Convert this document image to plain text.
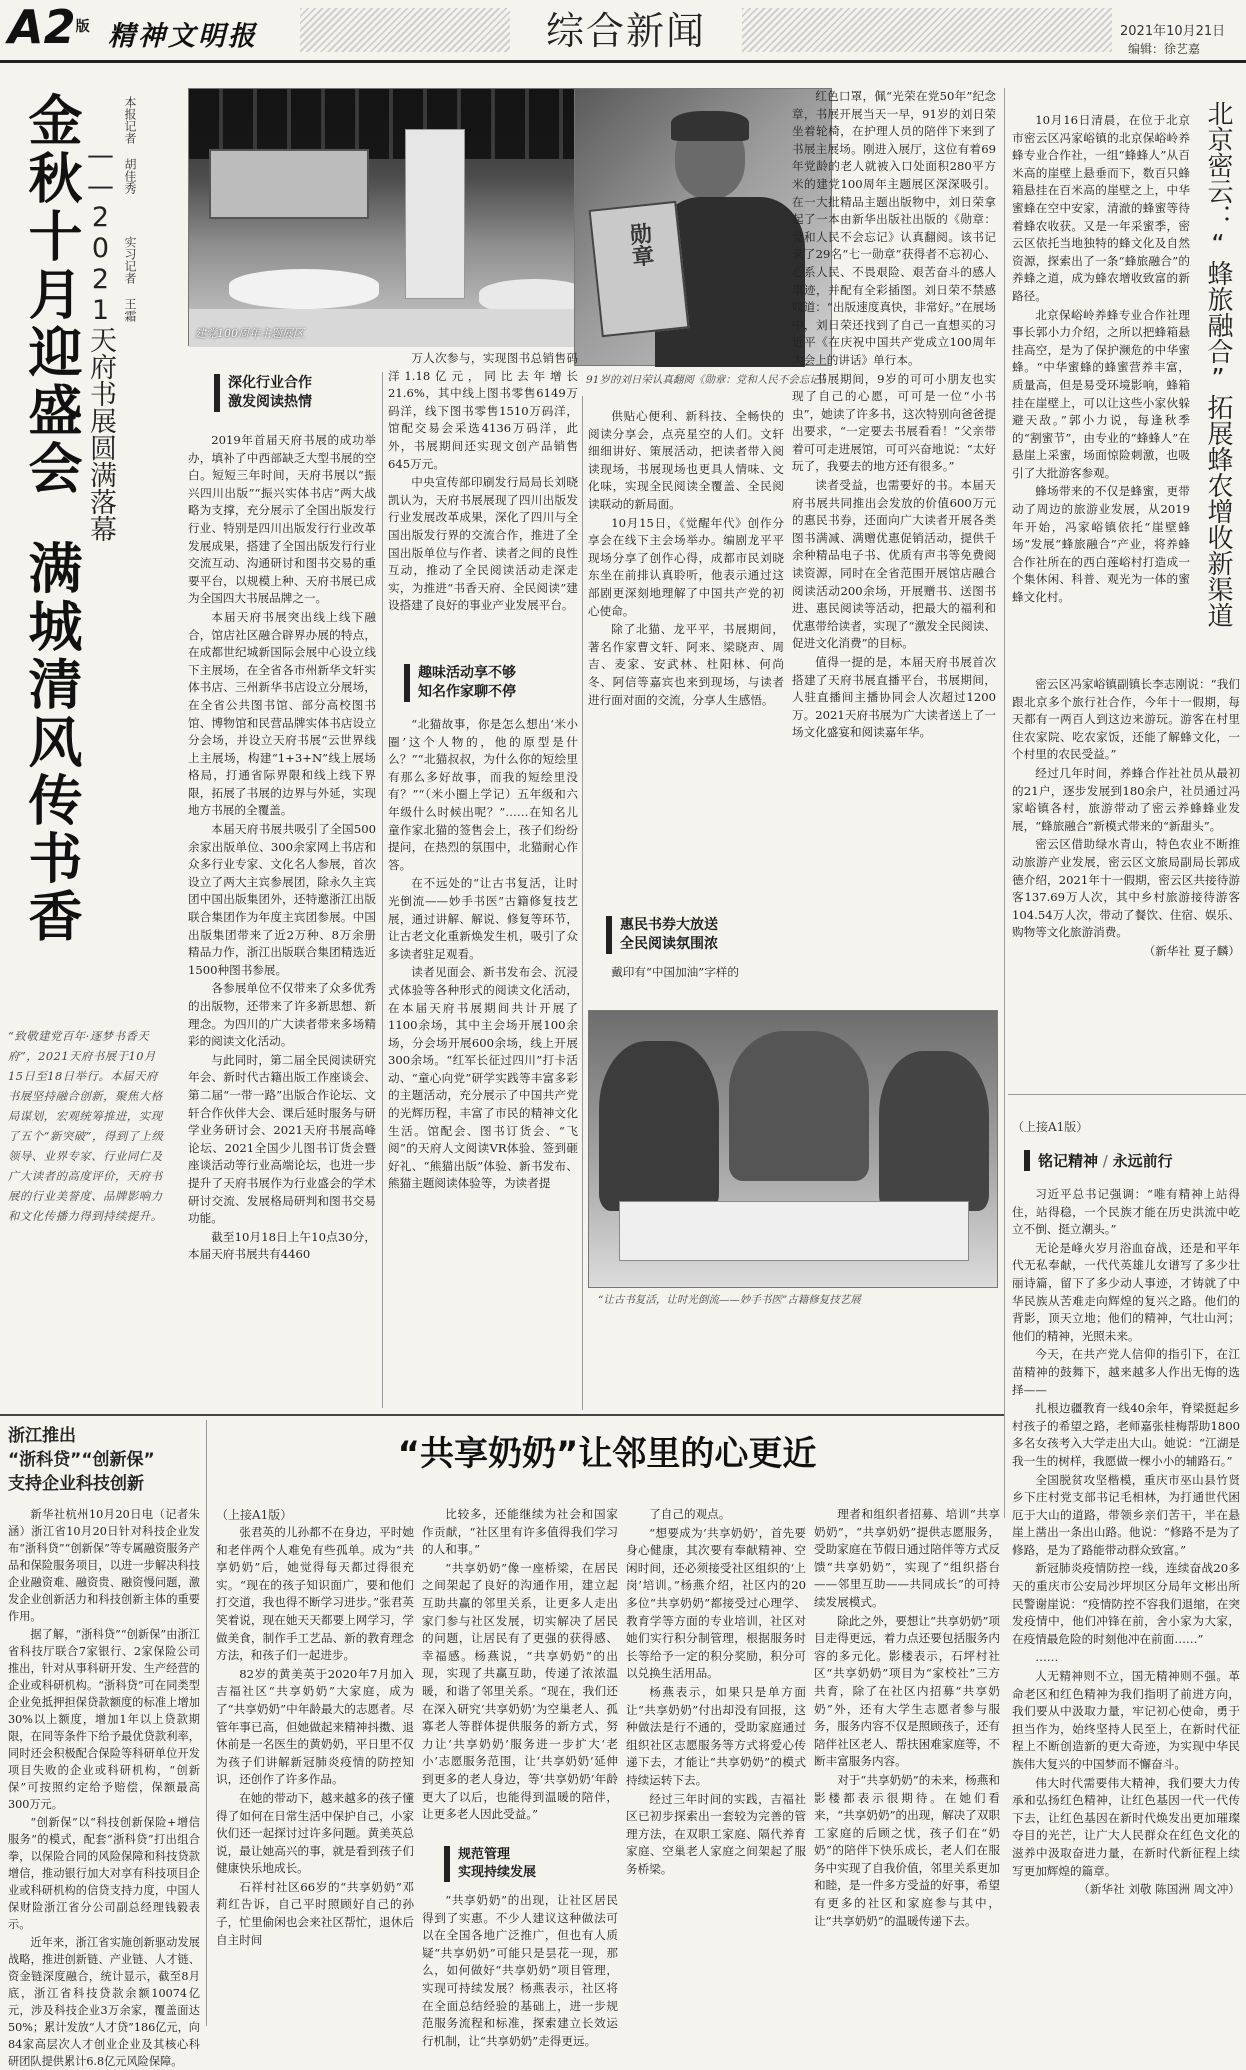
A2版 精神文明报	综合新闻	2021年10月21日
编辑：徐艺嘉
金秋十月迎盛会
满城清风传书香
——2021天府书展圆满落幕 本报记者 胡佳秀
实习记者 王霜
“致敬建党百年·逐梦书香天府”，2021天府书展于10月15日至18日举行。本届天府书展坚持融合创新，聚焦大格局谋划，宏观统筹推进，实现了五个“新突破”，得到了上级领导、业界专家、行业同仁及广大读者的高度评价，天府书展的行业美誉度、品牌影响力和文化传播力得到持续提升。
建党100周年主题展区
勋章
91岁的刘日荣认真翻阅《勋章：党和人民不会忘记》
深化行业合作
激发阅读热情
趣味活动享不够
知名作家聊不停
惠民书券大放送
全民阅读氛围浓

2019年首届天府书展的成功举办，填补了中西部缺乏大型书展的空白。短短三年时间，天府书展以“振兴四川出版”“振兴实体书店”两大战略为支撑，充分展示了全国出版发行行业、特别是四川出版发行行业改革发展成果，搭建了全国出版发行行业交流互动、沟通研讨和图书交易的重要平台，以规模上种、天府书展已成为全国四大书展品牌之一。

本届天府书展突出线上线下融合，馆店社区融合辟界办展的特点，在成都世纪城新国际会展中心设立线下主展场，在全省各市州新华文轩实体书店、三州新华书店设立分展场，在全省公共图书馆、部分高校图书馆、博物馆和民营品牌实体书店设立分会场，并设立天府书展“云世界线上主展场，构建“1+3+N”线上展场格局，打通省际界限和线上线下界限，拓展了书展的边界与外延，实现地方书展的全覆盖。

本届天府书展共吸引了全国500余家出版单位、300余家网上书店和众多行业专家、文化名人参展，首次设立了两大主宾参展团，除永久主宾团中国出版集团外，还特邀浙江出版联合集团作为年度主宾团参展。中国出版集团带来了近2万种、8万余册精品力作，浙江出版联合集团精选近1500种图书参展。

各参展单位不仅带来了众多优秀的出版物，还带来了许多新思想、新理念。为四川的广大读者带来多场精彩的阅读文化活动。

与此同时，第二届全民阅读研究年会、新时代古籍出版工作座谈会、第二届“一带一路”出版合作论坛、文轩合作伙伴大会、课后延时服务与研学业务研讨会、2021天府书展高峰论坛、2021全国少儿图书订货会暨座谈活动等行业高端论坛，也进一步提升了天府书展作为行业盛会的学术研讨交流、发展格局研判和图书交易功能。

截至10月18日上午10点30分，本届天府书展共有4460

万人次参与，实现图书总销售码洋1.18亿元，同比去年增长21.6%，其中线上图书零售6149万码洋，线下图书零售1510万码洋，馆配交易会采选4136万码洋，此外，书展期间还实现文创产品销售645万元。

中央宣传部印刷发行局局长刘晓凯认为，天府书展展现了四川出版发行业发展改革成果，深化了四川与全国出版发行界的交流合作，推进了全国出版单位与作者、读者之间的良性互动，推动了全民阅读活动走深走实，为推进“书香天府、全民阅读”建设搭建了良好的事业产业发展平台。

“北猫故事，你是怎么想出‘米小圈’这个人物的，他的原型是什么？”“北猫叔叔，为什么你的短绘里有那么多好故事，而我的短绘里没有？”“（米小圈上学记）五年级和六年级什么时候出呢？”……在知名儿童作家北猫的签售会上，孩子们纷纷提问，在热烈的氛围中，北猫耐心作答。

在不远处的“让古书复活，让时光倒流——妙手书医”古籍修复技艺展，通过讲解、解说、修复等环节，让古老文化重新焕发生机，吸引了众多读者驻足观看。

读者见面会、新书发布会、沉浸式体验等各种形式的阅读文化活动，在本届天府书展期间共计开展了1100余场，其中主会场开展100余场，分会场开展600余场，线上开展300余场。“红军长征过四川”打卡活动、“童心向党”研学实践等丰富多彩的主题活动，充分展示了中国共产党的光辉历程，丰富了市民的精神文化生活。馆配会、图书订货会、“飞阅”的天府人文阅读VR体验、签到砸好礼、“熊猫出版”体验、新书发布、熊猫主题阅读体验等，为读者提

供贴心便利、新科技、全畅快的阅读分享会，点亮星空的人们。文轩细细讲好、策展活动，把读者带入阅读现场，书展现场也更具人情味、文化味，实现全民阅读全覆盖、全民阅读联动的新局面。

10月15日，《觉醒年代》创作分享会在线下主会场举办。编剧龙平平现场分享了创作心得，成都市民刘晓东坐在前排认真聆听，他表示通过这部剧更深刻地理解了中国共产党的初心使命。

除了北猫、龙平平，书展期间，著名作家曹文轩、阿来、梁晓声、周吉、麦家、安武林、杜阳林、何尚冬、阿信等嘉宾也来到现场，与读者进行面对面的交流，分享人生感悟。

戴印有“中国加油”字样的

红色口罩，佩“光荣在党50年”纪念章，书展开展当天一早，91岁的刘日荣坐着轮椅，在护理人员的陪伴下来到了书展主展场。刚进入展厅，这位有着69年党龄的老人就被入口处面积280平方米的建党100周年主题展区深深吸引。在一大批精品主题出版物中，刘日荣拿起了一本由新华出版社出版的《勋章：党和人民不会忘记》认真翻阅。该书记录了29名“七一勋章”获得者不忘初心、心系人民、不畏艰险、艰苦奋斗的感人事迹，并配有全彩插图。刘日荣不禁感叹道：“出版速度真快，非常好。”在展场中，刘日荣还找到了自己一直想买的习近平《在庆祝中国共产党成立100周年大会上的讲话》单行本。

书展期间，9岁的可可小朋友也实现了自己的心愿，可可是一位“小书虫”，她读了许多书，这次特别向爸爸提出要求，“一定要去书展看看！”父亲带着可可走进展馆，可可兴奋地说：“太好玩了，我要去的地方还有很多。”

读者受益，也需要好的书。本届天府书展共同推出会发放的价值600万元的惠民书券，还面向广大读者开展各类图书满减、满赠优惠促销活动，提供千余种精品电子书、优质有声书等免费阅读资源，同时在全省范围开展馆店融合阅读活动200余场，开展赠书、送图书进、惠民阅读等活动，把最大的福利和优惠带给读者，实现了“激发全民阅读、促进文化消费”的目标。

值得一提的是，本届天府书展首次搭建了天府书展直播平台，书展期间，人驻直播间主播协同会人次超过1200万。2021天府书展为广大读者送上了一场文化盛宴和阅读嘉年华。

“让古书复活，让时光倒流——妙手书医”古籍修复技艺展
北京密云：“蜂旅融合”拓展蜂农增收新渠道

10月16日清晨，在位于北京市密云区冯家峪镇的北京保峪岭养蜂专业合作社，一组“蜂蜂人”从百米高的崖壁上悬垂而下，数百只蜂箱悬挂在百米高的崖壁之上，中华蜜蜂在空中安家，清澈的蜂蜜等待着蜂农收获。又是一年采蜜季，密云区依托当地独特的蜂文化及自然资源，探索出了一条“蜂旅融合”的养蜂之道，成为蜂农增收致富的新路径。

北京保峪岭养蜂专业合作社理事长郭小力介绍，之所以把蜂箱悬挂高空，是为了保护濒危的中华蜜蜂。“中华蜜蜂的蜂蜜营养丰富，质量高，但是易受环境影响，蜂箱挂在崖壁上，可以让这些小家伙躲避天敌。”郭小力说，每逢秋季的“割蜜节”，由专业的“蜂蜂人”在悬崖上采蜜，场面惊险刺激，也吸引了大批游客参观。

蜂场带来的不仅是蜂蜜，更带动了周边的旅游业发展，从2019年开始，冯家峪镇依托“崖壁蜂场”发展“蜂旅融合”产业，将养蜂合作社所在的西白莲峪村打造成一个集休闲、科普、观光为一体的蜜蜂文化村。

密云区冯家峪镇副镇长李志刚说：“我们跟北京多个旅行社合作，今年十一假期，每天都有一两百人到这边来游玩。游客在村里住农家院、吃农家饭，还能了解蜂文化，一个村里的农民受益。”

经过几年时间，养蜂合作社社员从最初的21户，逐步发展到180余户，社员通过冯家峪镇各村，旅游带动了密云养蜂蜂业发展，“蜂旅融合”新模式带来的“新甜头”。

密云区借助绿水青山，特色农业不断推动旅游产业发展，密云区文旅局副局长郭成德介绍，2021年十一假期，密云区共接待游客137.69万人次，其中乡村旅游接待游客104.54万人次，带动了餐饮、住宿、娱乐、购物等文化旅游消费。

（新华社 夏子麟）

（上接A1版）
铭记精神 / 永远前行

习近平总书记强调：“唯有精神上站得住，站得稳，一个民族才能在历史洪流中屹立不倒、挺立潮头。”

无论是峰火岁月浴血奋战，还是和平年代无私奉献，一代代英雄儿女谱写了多少壮丽诗篇，留下了多少动人事迹，才铸就了中华民族从苦难走向辉煌的复兴之路。他们的背影，顶天立地；他们的精神，气壮山河；他们的精神，光照未来。

今天，在共产党人信仰的指引下，在江苗精神的鼓舞下，越来越多人作出无悔的选择——

扎根边疆教育一线40余年，脊梁挺起乡村孩子的希望之路，老师嘉张桂梅帮助1800多名女孩考入大学走出大山。她说：“江湖是我一生的树样，我愿做一棵小小的辅路石。”

全国脱贫攻坚楷模，重庆市巫山县竹贤乡下庄村党支部书记毛相林，为打通世代困厄于大山的道路，带领乡亲们苦干，半在悬崖上凿出一条出山路。他说：“修路不是为了修路，是为了路能带动群众致富。”

新冠肺炎疫情防控一线，连续奋战20多天的重庆市公安局沙坪坝区分局年文彬出所民警谢崖说：“疫情防控不容我们退缩，在突发疫情中，他们冲锋在前，舍小家为大家，在疫情最危险的时刻他冲在前面……”

……

人无精神则不立，国无精神则不强。革命老区和红色精神为我们指明了前进方向，我们要从中汲取力量，牢记初心使命，勇于担当作为，始终坚持人民至上，在新时代征程上不断创造新的更大奇迹，为实现中华民族伟大复兴的中国梦而不懈奋斗。

伟大时代需要伟大精神，我们要大力传承和弘扬红色精神，让红色基因一代一代传下去，让红色基因在新时代焕发出更加璀璨夺目的光芒，让广大人民群众在红色文化的滋养中汲取奋进力量，在新时代新征程上续写更加辉煌的篇章。

（新华社 刘敬 陈国洲 周文冲）

浙江推出
“浙科贷”“创新保”
支持企业科技创新

新华社杭州10月20日电（记者朱涵）浙江省10月20日针对科技企业发布“浙科贷”“创新保”等专属融资服务产品和保险服务项目，以进一步解决科技企业融资难、融资贵、融资慢问题，激发企业创新活力和科技创新主体的重要作用。

据了解，“浙科贷”“创新保”由浙江省科技厅联合7家银行、2家保险公司推出，针对从事科研开发、生产经营的企业或科研机构。“浙科贷”可在同类型企业免抵押担保贷款额度的标准上增加30%以上额度，增加1年以上贷款期限，在同等条件下给予最优贷款利率，同时还会积极配合保险等科研单位开发项目失败的企业或科研机构，“创新保”可按照约定给予赔偿，保额最高300万元。

“创新保”以“科技创新保险+增信服务”的模式，配套“浙科贷”打出组合拳，以保险合同的风险保障和科技贷款增信，推动银行加大对享有科技项目企业或科研机构的信贷支持力度，中国人保财险浙江省分公司副总经理钱毅表示。

近年来，浙江省实施创新驱动发展战略，推进创新链、产业链、人才链、资金链深度融合，统计显示，截至8月底，浙江省科技贷款余额10074亿元，涉及科技企业3万余家，覆盖面达50%；累计发放“人才贷”186亿元，向84家高层次人才创业企业及其核心科研团队提供累计6.8亿元风险保障。

“共享奶奶”让邻里的心更近
（上接A1版）

张君英的儿孙都不在身边，平时她和老伴两个人难免有些孤单。成为“共享奶奶”后，她觉得每天都过得很充实。“现在的孩子知识面广，要和他们打交道，我也得不断学习进步。”张君英笑着说，现在她天天都要上网学习，学做美食，制作手工艺品、新的教育理念方法，和孩子们一起进步。

82岁的黄美英于2020年7月加入吉福社区“共享奶奶”大家庭，成为了“共享奶奶”中年龄最大的志愿者。尽管年事已高，但她做起来精神抖擞、退休前是一名医生的黄奶奶，平日里不仅为孩子们讲解新冠肺炎疫情的防控知识，还创作了许多作品。

在她的带动下，越来越多的孩子懂得了如何在日常生活中保护自己，小家伙们还一起探讨过许多问题。黄美英总说，最让她高兴的事，就是看到孩子们健康快乐地成长。

石祥村社区66岁的“共享奶奶”邓莉红告诉，自己平时照顾好自己的孙子，忙里偷闲也会来社区帮忙，退休后自主时间

比较多，还能继续为社会和国家作贡献，“社区里有许多值得我们学习的人和事。”

“共享奶奶”像一座桥梁，在居民之间架起了良好的沟通作用，建立起互助共赢的邻里关系，让更多人走出家门参与社区发展，切实解决了居民的问题，让居民有了更强的获得感、幸福感。杨燕说，“共享奶奶”的出现，实现了共赢互助，传递了浓浓温暖，和谐了邻里关系。“现在，我们还在深入研究‘共享奶奶’为空巢老人、孤寡老人等群体提供服务的新方式，努力让‘共享奶奶’服务进一步扩大‘老小’志愿服务范围，让‘共享奶奶’延伸到更多的老人身边，等‘共享奶奶’年龄更大了以后，也能得到温暖的陪伴，让更多老人因此受益。”

规范管理
实现持续发展

“共享奶奶”的出现，让社区居民得到了实惠。不少人建议这种做法可以在全国各地广泛推广，但也有人质疑“共享奶奶”可能只是昙花一现，那么，如何做好“共享奶奶”项目管理，实现可持续发展？杨燕表示，社区将在全面总结经验的基础上，进一步规范服务流程和标准，探索建立长效运行机制，让“共享奶奶”走得更远。

了自己的观点。

“想要成为‘共享奶奶’，首先要身心健康，其次要有奉献精神、空闲时间，还必须接受社区组织的‘上岗’培训。”杨燕介绍，社区内的20多位“共享奶奶”都接受过心理学、教育学等方面的专业培训，社区对她们实行积分制管理，根据服务时长等给予一定的积分奖励，积分可以兑换生活用品。

杨燕表示，如果只是单方面让“共享奶奶”付出却没有回报，这种做法是行不通的，受助家庭通过组织社区志愿服务等方式将爱心传递下去，才能让“共享奶奶”的模式持续运转下去。

经过三年时间的实践，吉福社区已初步探索出一套较为完善的管理方法，在双职工家庭、隔代养育家庭、空巢老人家庭之间架起了服务桥梁。

理者和组织者招募、培训“共享奶奶”，“共享奶奶”提供志愿服务，受助家庭在节假日通过陪伴等方式反馈“共享奶奶”，实现了“组织搭台——邻里互助——共同成长”的可持续发展模式。

除此之外，要想让“共享奶奶”项目走得更远，着力点还要包括服务内容的多元化。影楼表示，石坪村社区“共享奶奶”项目为“家校社”三方共育，除了在社区内招募“共享奶奶”外，还有大学生志愿者参与服务，服务内容不仅是照顾孩子，还有陪伴社区老人、帮扶困难家庭等，不断丰富服务内容。

对于“共享奶奶”的未来，杨燕和影楼都表示很期待。在她们看来，“共享奶奶”的出现，解决了双职工家庭的后顾之忧，孩子们在“奶奶”的陪伴下快乐成长，老人们在服务中实现了自我价值，邻里关系更加和睦，是一件多方受益的好事，希望有更多的社区和家庭参与其中，让“共享奶奶”的温暖传递下去。
